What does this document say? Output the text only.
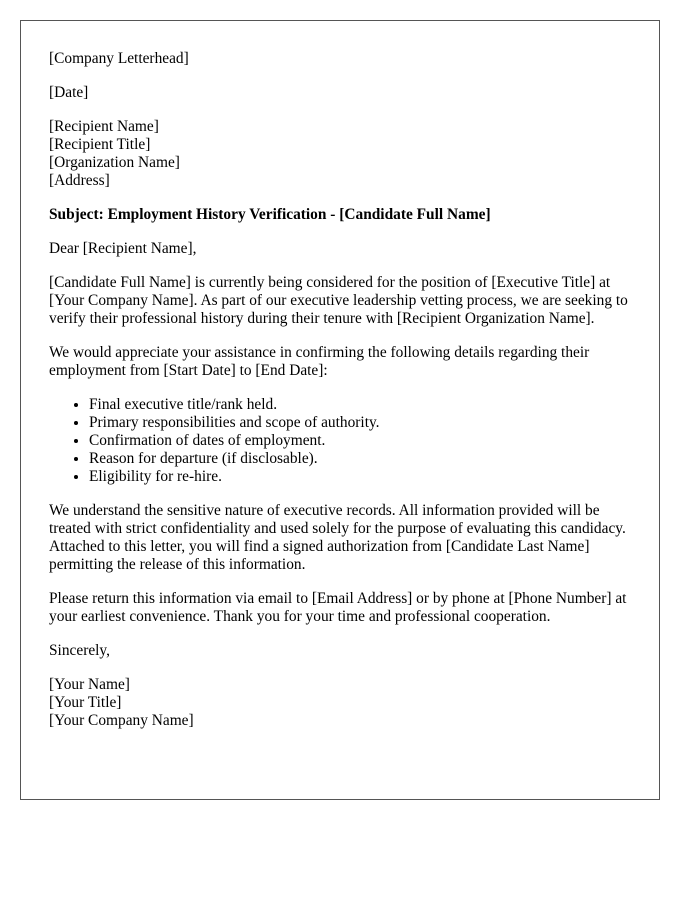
[Company Letterhead]

[Date]

[Recipient Name]
[Recipient Title]
[Organization Name]
[Address]

Subject: Employment History Verification - [Candidate Full Name]

Dear [Recipient Name],

[Candidate Full Name] is currently being considered for the position of [Executive Title] at [Your Company Name]. As part of our executive leadership vetting process, we are seeking to verify their professional history during their tenure with [Recipient Organization Name].

We would appreciate your assistance in confirming the following details regarding their employment from [Start Date] to [End Date]:

• Final executive title/rank held.
• Primary responsibilities and scope of authority.
• Confirmation of dates of employment.
• Reason for departure (if disclosable).
• Eligibility for re-hire.

We understand the sensitive nature of executive records. All information provided will be treated with strict confidentiality and used solely for the purpose of evaluating this candidacy. Attached to this letter, you will find a signed authorization from [Candidate Last Name] permitting the release of this information.

Please return this information via email to [Email Address] or by phone at [Phone Number] at your earliest convenience. Thank you for your time and professional cooperation.

Sincerely,

[Your Name]
[Your Title]
[Your Company Name]
